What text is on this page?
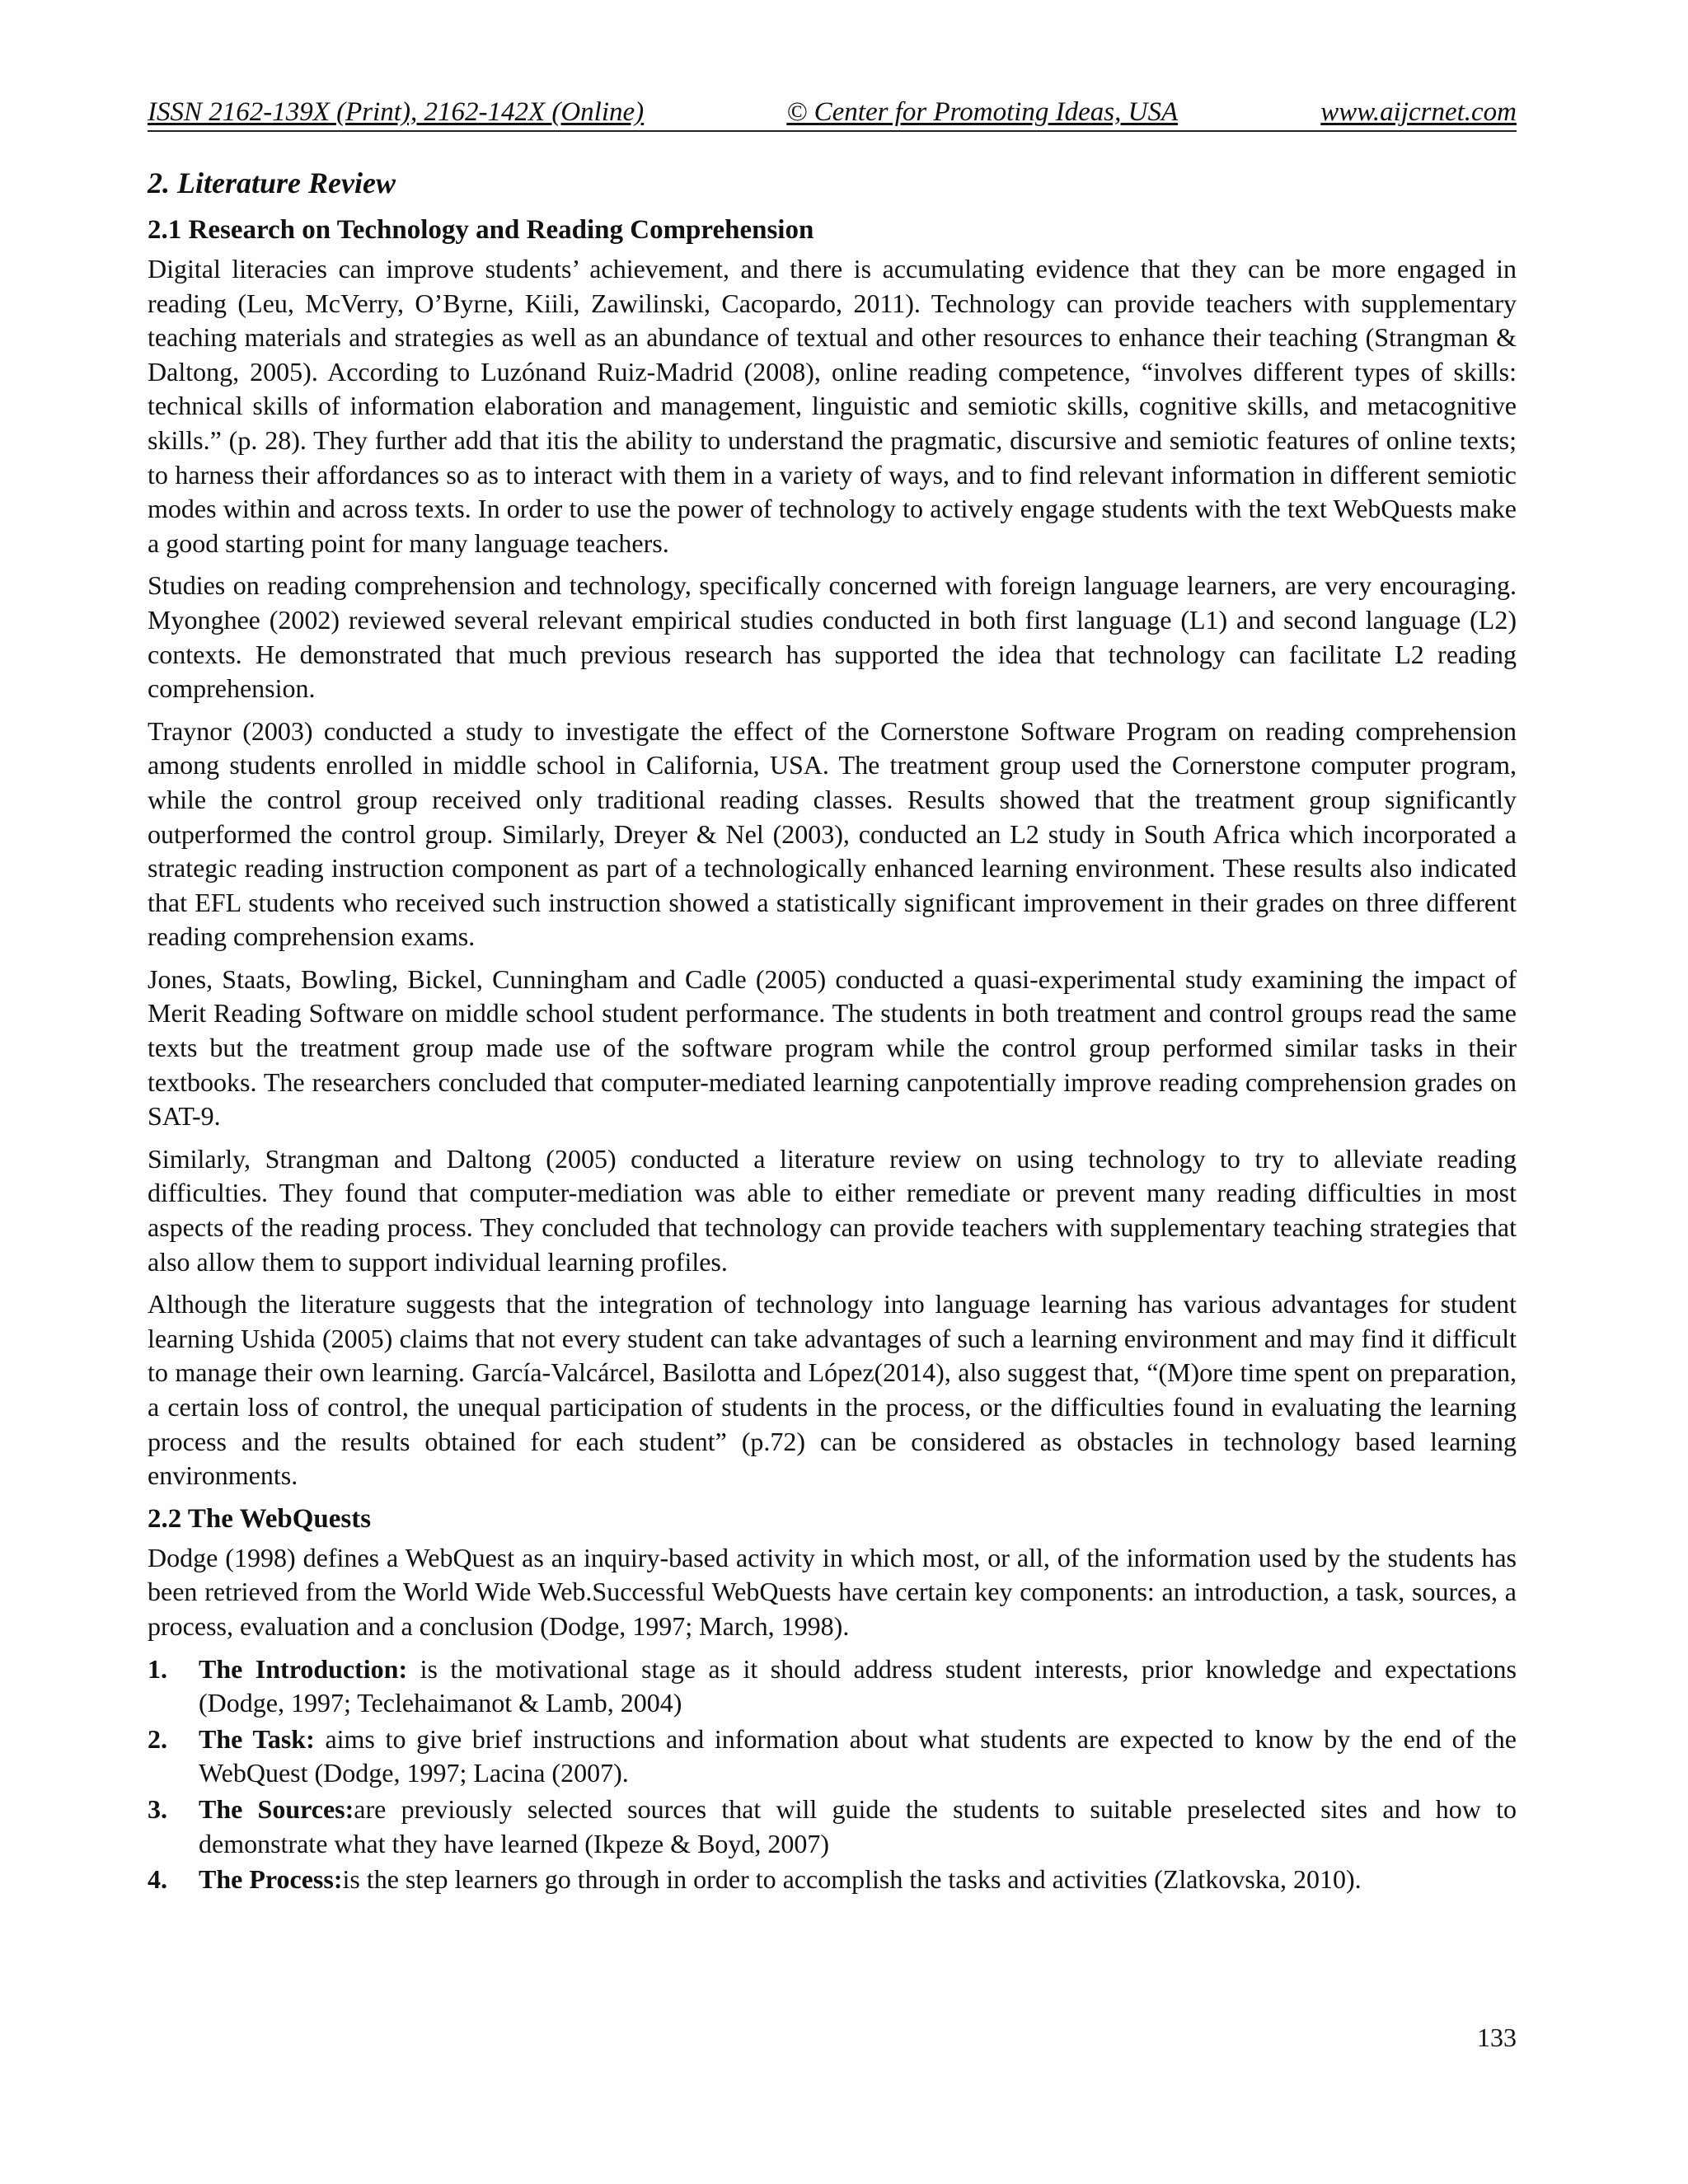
ISSN 2162-139X (Print), 2162-142X (Online)	© Center for Promoting Ideas, USA	www.aijcrnet.com
2. Literature Review
2.1 Research on Technology and Reading Comprehension

Digital literacies can improve students’ achievement, and there is accumulating evidence that they can be more engaged in reading (Leu, McVerry, O’Byrne, Kiili, Zawilinski, Cacopardo, 2011). Technology can provide teachers with supplementary teaching materials and strategies as well as an abundance of textual and other resources to enhance their teaching (Strangman & Daltong, 2005). According to Luzónand Ruiz-Madrid (2008), online reading competence, “involves different types of skills: technical skills of information elaboration and management, linguistic and semiotic skills, cognitive skills, and metacognitive skills.” (p. 28). They further add that itis the ability to understand the pragmatic, discursive and semiotic features of online texts; to harness their affordances so as to interact with them in a variety of ways, and to find relevant information in different semiotic modes within and across texts. In order to use the power of technology to actively engage students with the text WebQuests make a good starting point for many language teachers.

Studies on reading comprehension and technology, specifically concerned with foreign language learners, are very encouraging. Myonghee (2002) reviewed several relevant empirical studies conducted in both first language (L1) and second language (L2) contexts. He demonstrated that much previous research has supported the idea that technology can facilitate L2 reading comprehension.

Traynor (2003) conducted a study to investigate the effect of the Cornerstone Software Program on reading comprehension among students enrolled in middle school in California, USA. The treatment group used the Cornerstone computer program, while the control group received only traditional reading classes. Results showed that the treatment group significantly outperformed the control group. Similarly, Dreyer & Nel (2003), conducted an L2 study in South Africa which incorporated a strategic reading instruction component as part of a technologically enhanced learning environment. These results also indicated that EFL students who received such instruction showed a statistically significant improvement in their grades on three different reading comprehension exams.

Jones, Staats, Bowling, Bickel, Cunningham and Cadle (2005) conducted a quasi-experimental study examining the impact of Merit Reading Software on middle school student performance. The students in both treatment and control groups read the same texts but the treatment group made use of the software program while the control group performed similar tasks in their textbooks. The researchers concluded that computer-mediated learning canpotentially improve reading comprehension grades on SAT-9.

Similarly, Strangman and Daltong (2005) conducted a literature review on using technology to try to alleviate reading difficulties. They found that computer-mediation was able to either remediate or prevent many reading difficulties in most aspects of the reading process. They concluded that technology can provide teachers with supplementary teaching strategies that also allow them to support individual learning profiles.

Although the literature suggests that the integration of technology into language learning has various advantages for student learning Ushida (2005) claims that not every student can take advantages of such a learning environment and may find it difficult to manage their own learning. García-Valcárcel, Basilotta and López(2014), also suggest that, “(M)ore time spent on preparation, a certain loss of control, the unequal participation of students in the process, or the difficulties found in evaluating the learning process and the results obtained for each student” (p.72) can be considered as obstacles in technology based learning environments.

2.2 The WebQuests

Dodge (1998) defines a WebQuest as an inquiry-based activity in which most, or all, of the information used by the students has been retrieved from the World Wide Web.Successful WebQuests have certain key components: an introduction, a task, sources, a process, evaluation and a conclusion (Dodge, 1997; March, 1998).

1.	The Introduction: is the motivational stage as it should address student interests, prior knowledge and expectations (Dodge, 1997; Teclehaimanot & Lamb, 2004)
2.	The Task: aims to give brief instructions and information about what students are expected to know by the end of the WebQuest (Dodge, 1997; Lacina (2007).
3.	The Sources:are previously selected sources that will guide the students to suitable preselected sites and how to demonstrate what they have learned (Ikpeze & Boyd, 2007)
4.	The Process:is the step learners go through in order to accomplish the tasks and activities (Zlatkovska, 2010).
133
